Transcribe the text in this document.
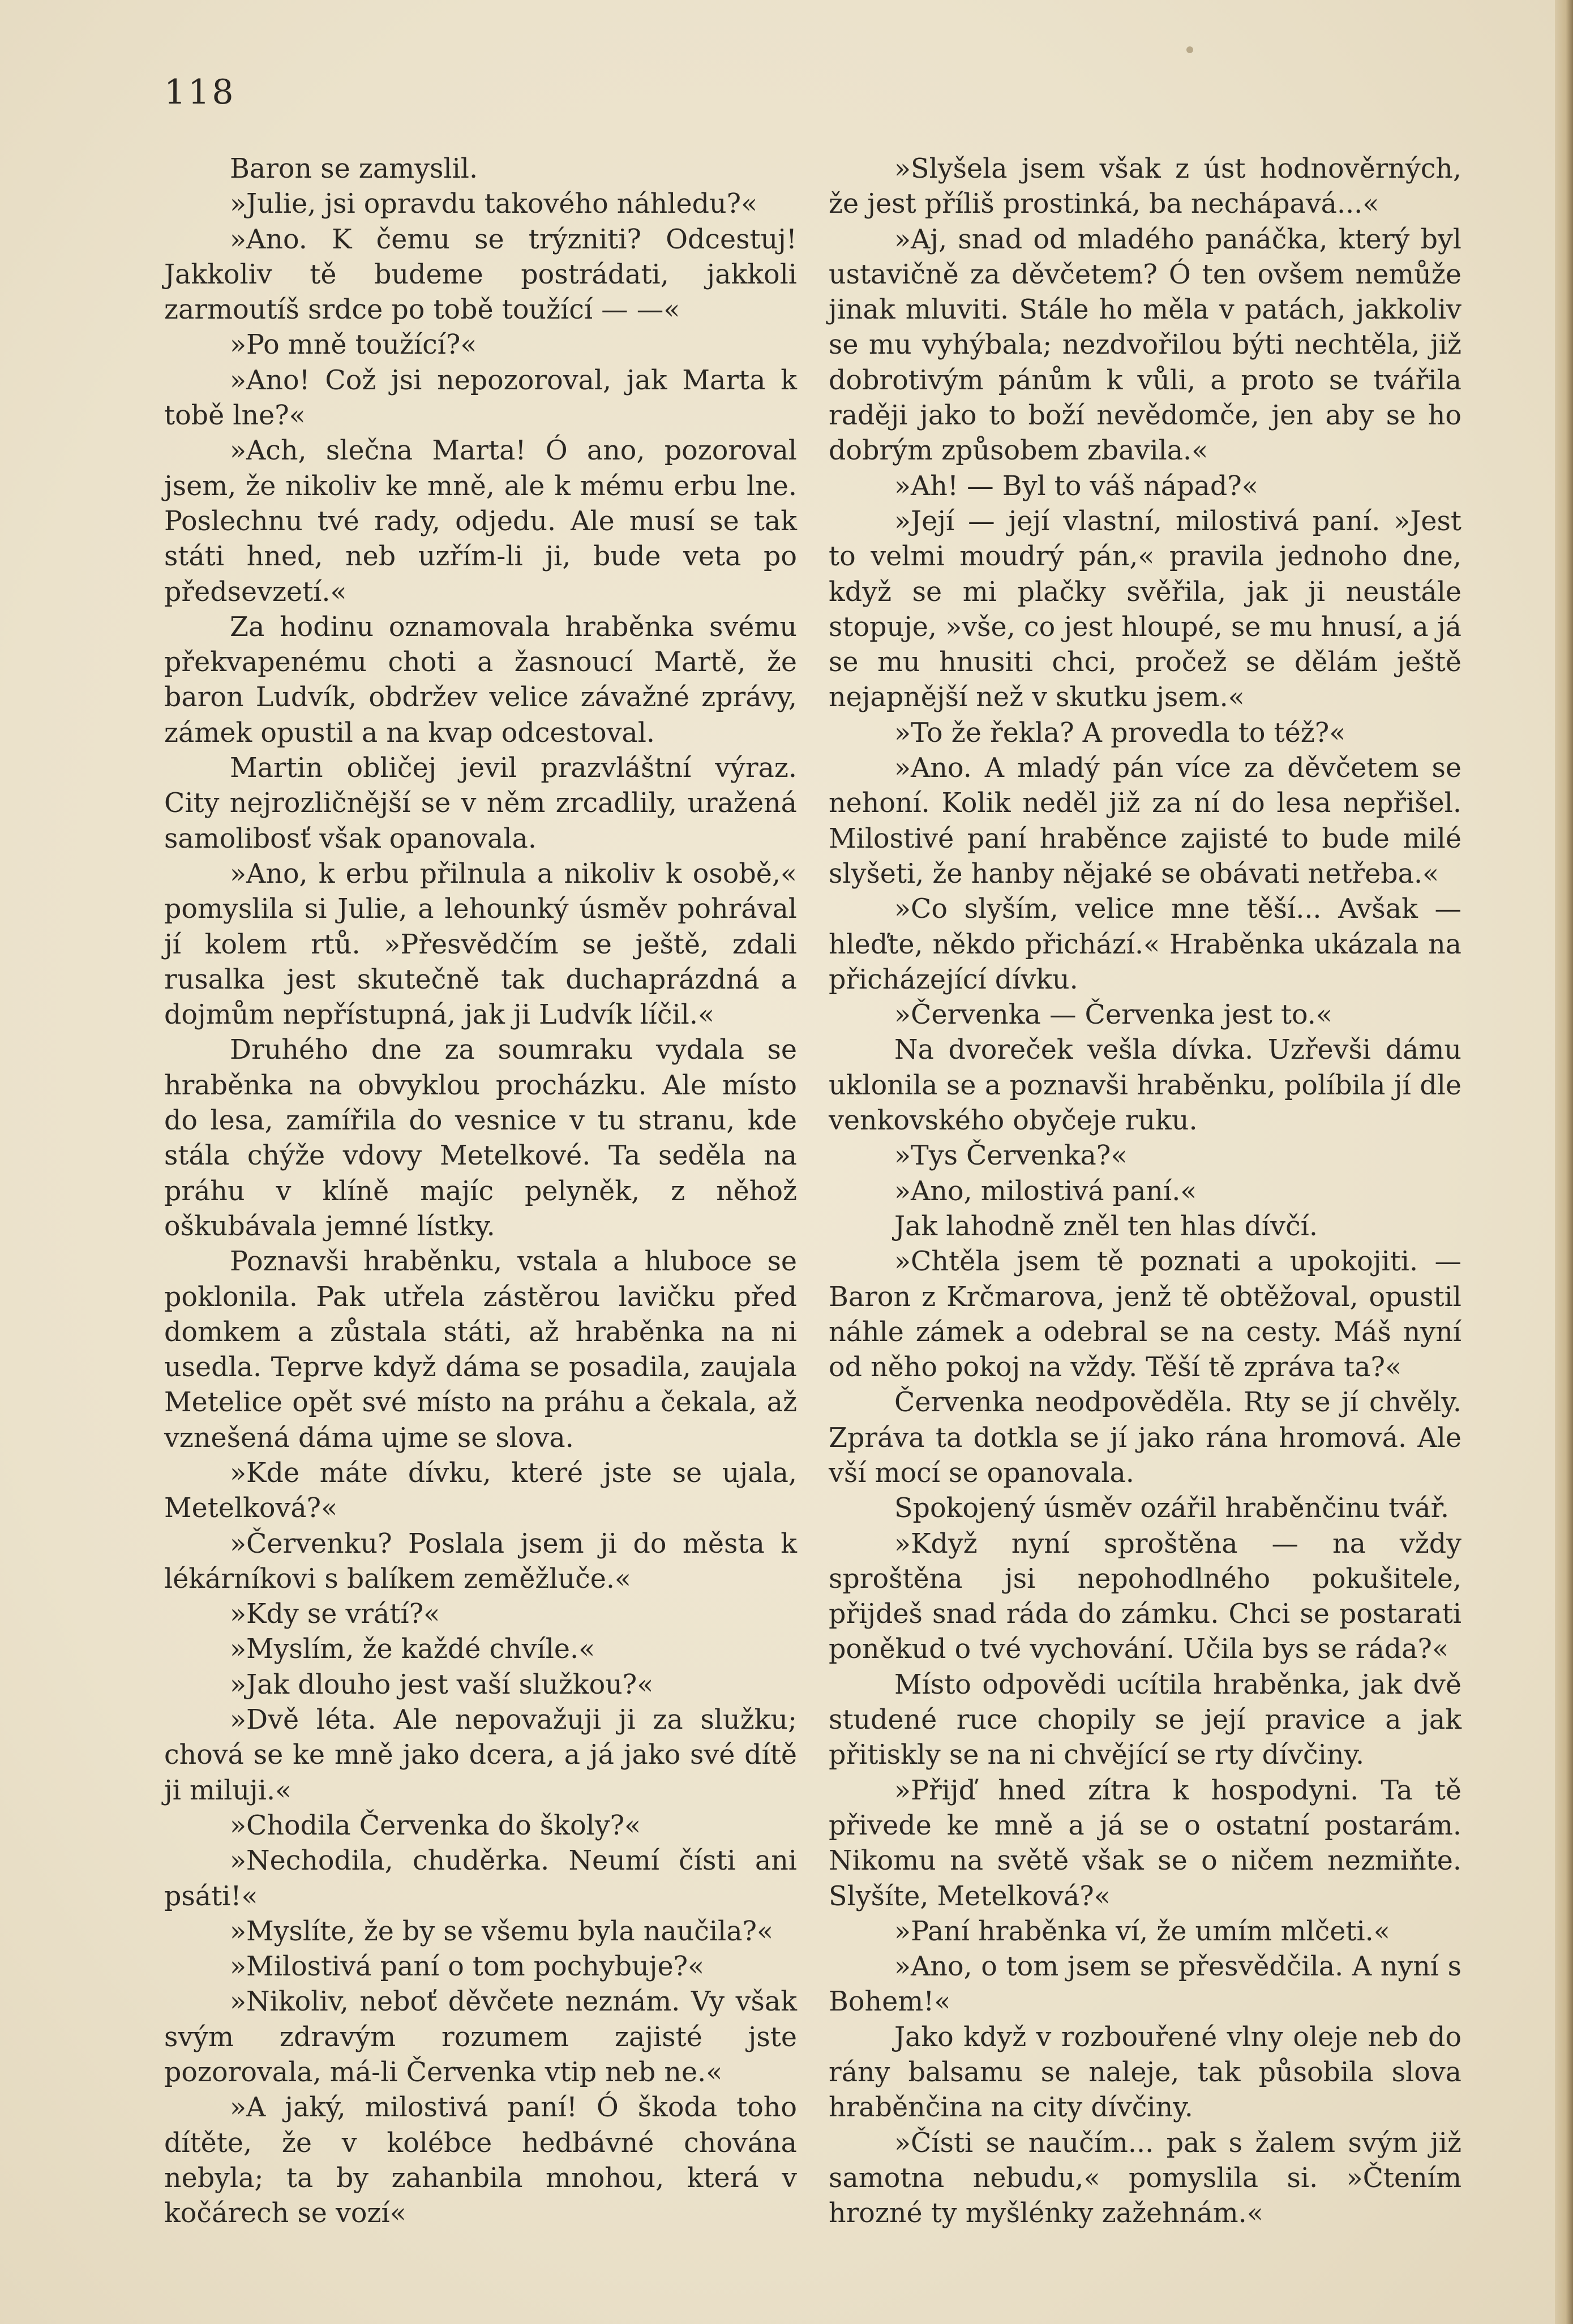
118

Baron se zamyslil.

»Julie, jsi opravdu takového náhledu?«

»Ano. K čemu se trýzniti? Odcestuj! Jakkoliv tě budeme postrádati, jakkoli zarmoutíš srdce po tobě toužící — —«

»Po mně toužící?«

»Ano! Což jsi nepozoroval, jak Marta k tobě lne?«

»Ach, slečna Marta! Ó ano, pozoroval jsem, že nikoliv ke mně, ale k mému erbu lne. Poslechnu tvé rady, odjedu. Ale musí se tak státi hned, neb uzřím-li ji, bude veta po předsevzetí.«

Za hodinu oznamovala hraběnka svému překvapenému choti a žasnoucí Martě, že baron Ludvík, obdržev velice závažné zprávy, zámek opustil a na kvap odcestoval.

Martin obličej jevil prazvláštní výraz. City nejrozličnější se v něm zrcadlily, uražená samolibosť však opanovala.

»Ano, k erbu přilnula a nikoliv k osobě,« pomyslila si Julie, a lehounký úsměv pohrával jí kolem rtů. »Přesvědčím se ještě, zdali rusalka jest skutečně tak duchaprázdná a dojmům nepřístupná, jak ji Ludvík líčil.«

Druhého dne za soumraku vydala se hraběnka na obvyklou procházku. Ale místo do lesa, zamířila do vesnice v tu stranu, kde stála chýže vdovy Metelkové. Ta seděla na práhu v klíně majíc pelyněk, z něhož oškubávala jemné lístky.

Poznavši hraběnku, vstala a hluboce se poklonila. Pak utřela zástěrou lavičku před domkem a zůstala státi, až hraběnka na ni usedla. Teprve když dáma se posadila, zaujala Metelice opět své místo na práhu a čekala, až vznešená dáma ujme se slova.

»Kde máte dívku, které jste se ujala, Metelková?«

»Červenku? Poslala jsem ji do města k lékárníkovi s balíkem zeměžluče.«

»Kdy se vrátí?«

»Myslím, že každé chvíle.«

»Jak dlouho jest vaší služkou?«

»Dvě léta. Ale nepovažuji ji za služku; chová se ke mně jako dcera, a já jako své dítě ji miluji.«

»Chodila Červenka do školy?«

»Nechodila, chuděrka. Neumí čísti ani psáti!«

»Myslíte, že by se všemu byla naučila?«

»Milostivá paní o tom pochybuje?«

»Nikoliv, neboť děvčete neznám. Vy však svým zdravým rozumem zajisté jste pozorovala, má-li Červenka vtip neb ne.«

»A jaký, milostivá paní! Ó škoda toho dítěte, že v kolébce hedbávné chována nebyla; ta by zahanbila mnohou, která v kočárech se vozí«

»Slyšela jsem však z úst hodnověrných, že jest příliš prostinká, ba nechápavá...«

»Aj, snad od mladého panáčka, který byl ustavičně za děvčetem? Ó ten ovšem nemůže jinak mluviti. Stále ho měla v patách, jakkoliv se mu vyhýbala; nezdvořilou býti nechtěla, již dobrotivým pánům k vůli, a proto se tvářila raději jako to boží nevědomče, jen aby se ho dobrým způsobem zbavila.«

»Ah! — Byl to váš nápad?«

»Její — její vlastní, milostivá paní. »Jest to velmi moudrý pán,« pravila jednoho dne, když se mi plačky svěřila, jak ji neustále stopuje, »vše, co jest hloupé, se mu hnusí, a já se mu hnusiti chci, pročež se dělám ještě nejapnější než v skutku jsem.«

»To že řekla? A provedla to též?«

»Ano. A mladý pán více za děvčetem se nehoní. Kolik neděl již za ní do lesa nepřišel. Milostivé paní hraběnce zajisté to bude milé slyšeti, že hanby nějaké se obávati netřeba.«

»Co slyším, velice mne těší... Avšak — hleďte, někdo přichází.« Hraběnka ukázala na přicházející dívku.

»Červenka — Červenka jest to.«

Na dvoreček vešla dívka. Uzřevši dámu uklonila se a poznavši hraběnku, políbila jí dle venkovského obyčeje ruku.

»Tys Červenka?«

»Ano, milostivá paní.«

Jak lahodně zněl ten hlas dívčí.

»Chtěla jsem tě poznati a upokojiti. — Baron z Krčmarova, jenž tě obtěžoval, opustil náhle zámek a odebral se na cesty. Máš nyní od něho pokoj na vždy. Těší tě zpráva ta?«

Červenka neodpověděla. Rty se jí chvěly. Zpráva ta dotkla se jí jako rána hromová. Ale vší mocí se opanovala.

Spokojený úsměv ozářil hraběnčinu tvář.

»Když nyní sproštěna — na vždy sproštěna jsi nepohodlného pokušitele, přijdeš snad ráda do zámku. Chci se postarati poněkud o tvé vychování. Učila bys se ráda?«

Místo odpovědi ucítila hraběnka, jak dvě studené ruce chopily se její pravice a jak přitiskly se na ni chvějící se rty dívčiny.

»Přijď hned zítra k hospodyni. Ta tě přivede ke mně a já se o ostatní postarám. Nikomu na světě však se o ničem nezmiňte. Slyšíte, Metelková?«

»Paní hraběnka ví, že umím mlčeti.«

»Ano, o tom jsem se přesvědčila. A nyní s Bohem!«

Jako když v rozbouřené vlny oleje neb do rány balsamu se naleje, tak působila slova hraběnčina na city dívčiny.

»Čísti se naučím... pak s žalem svým již samotna nebudu,« pomyslila si. »Čtením hrozné ty myšlénky zažehnám.«
